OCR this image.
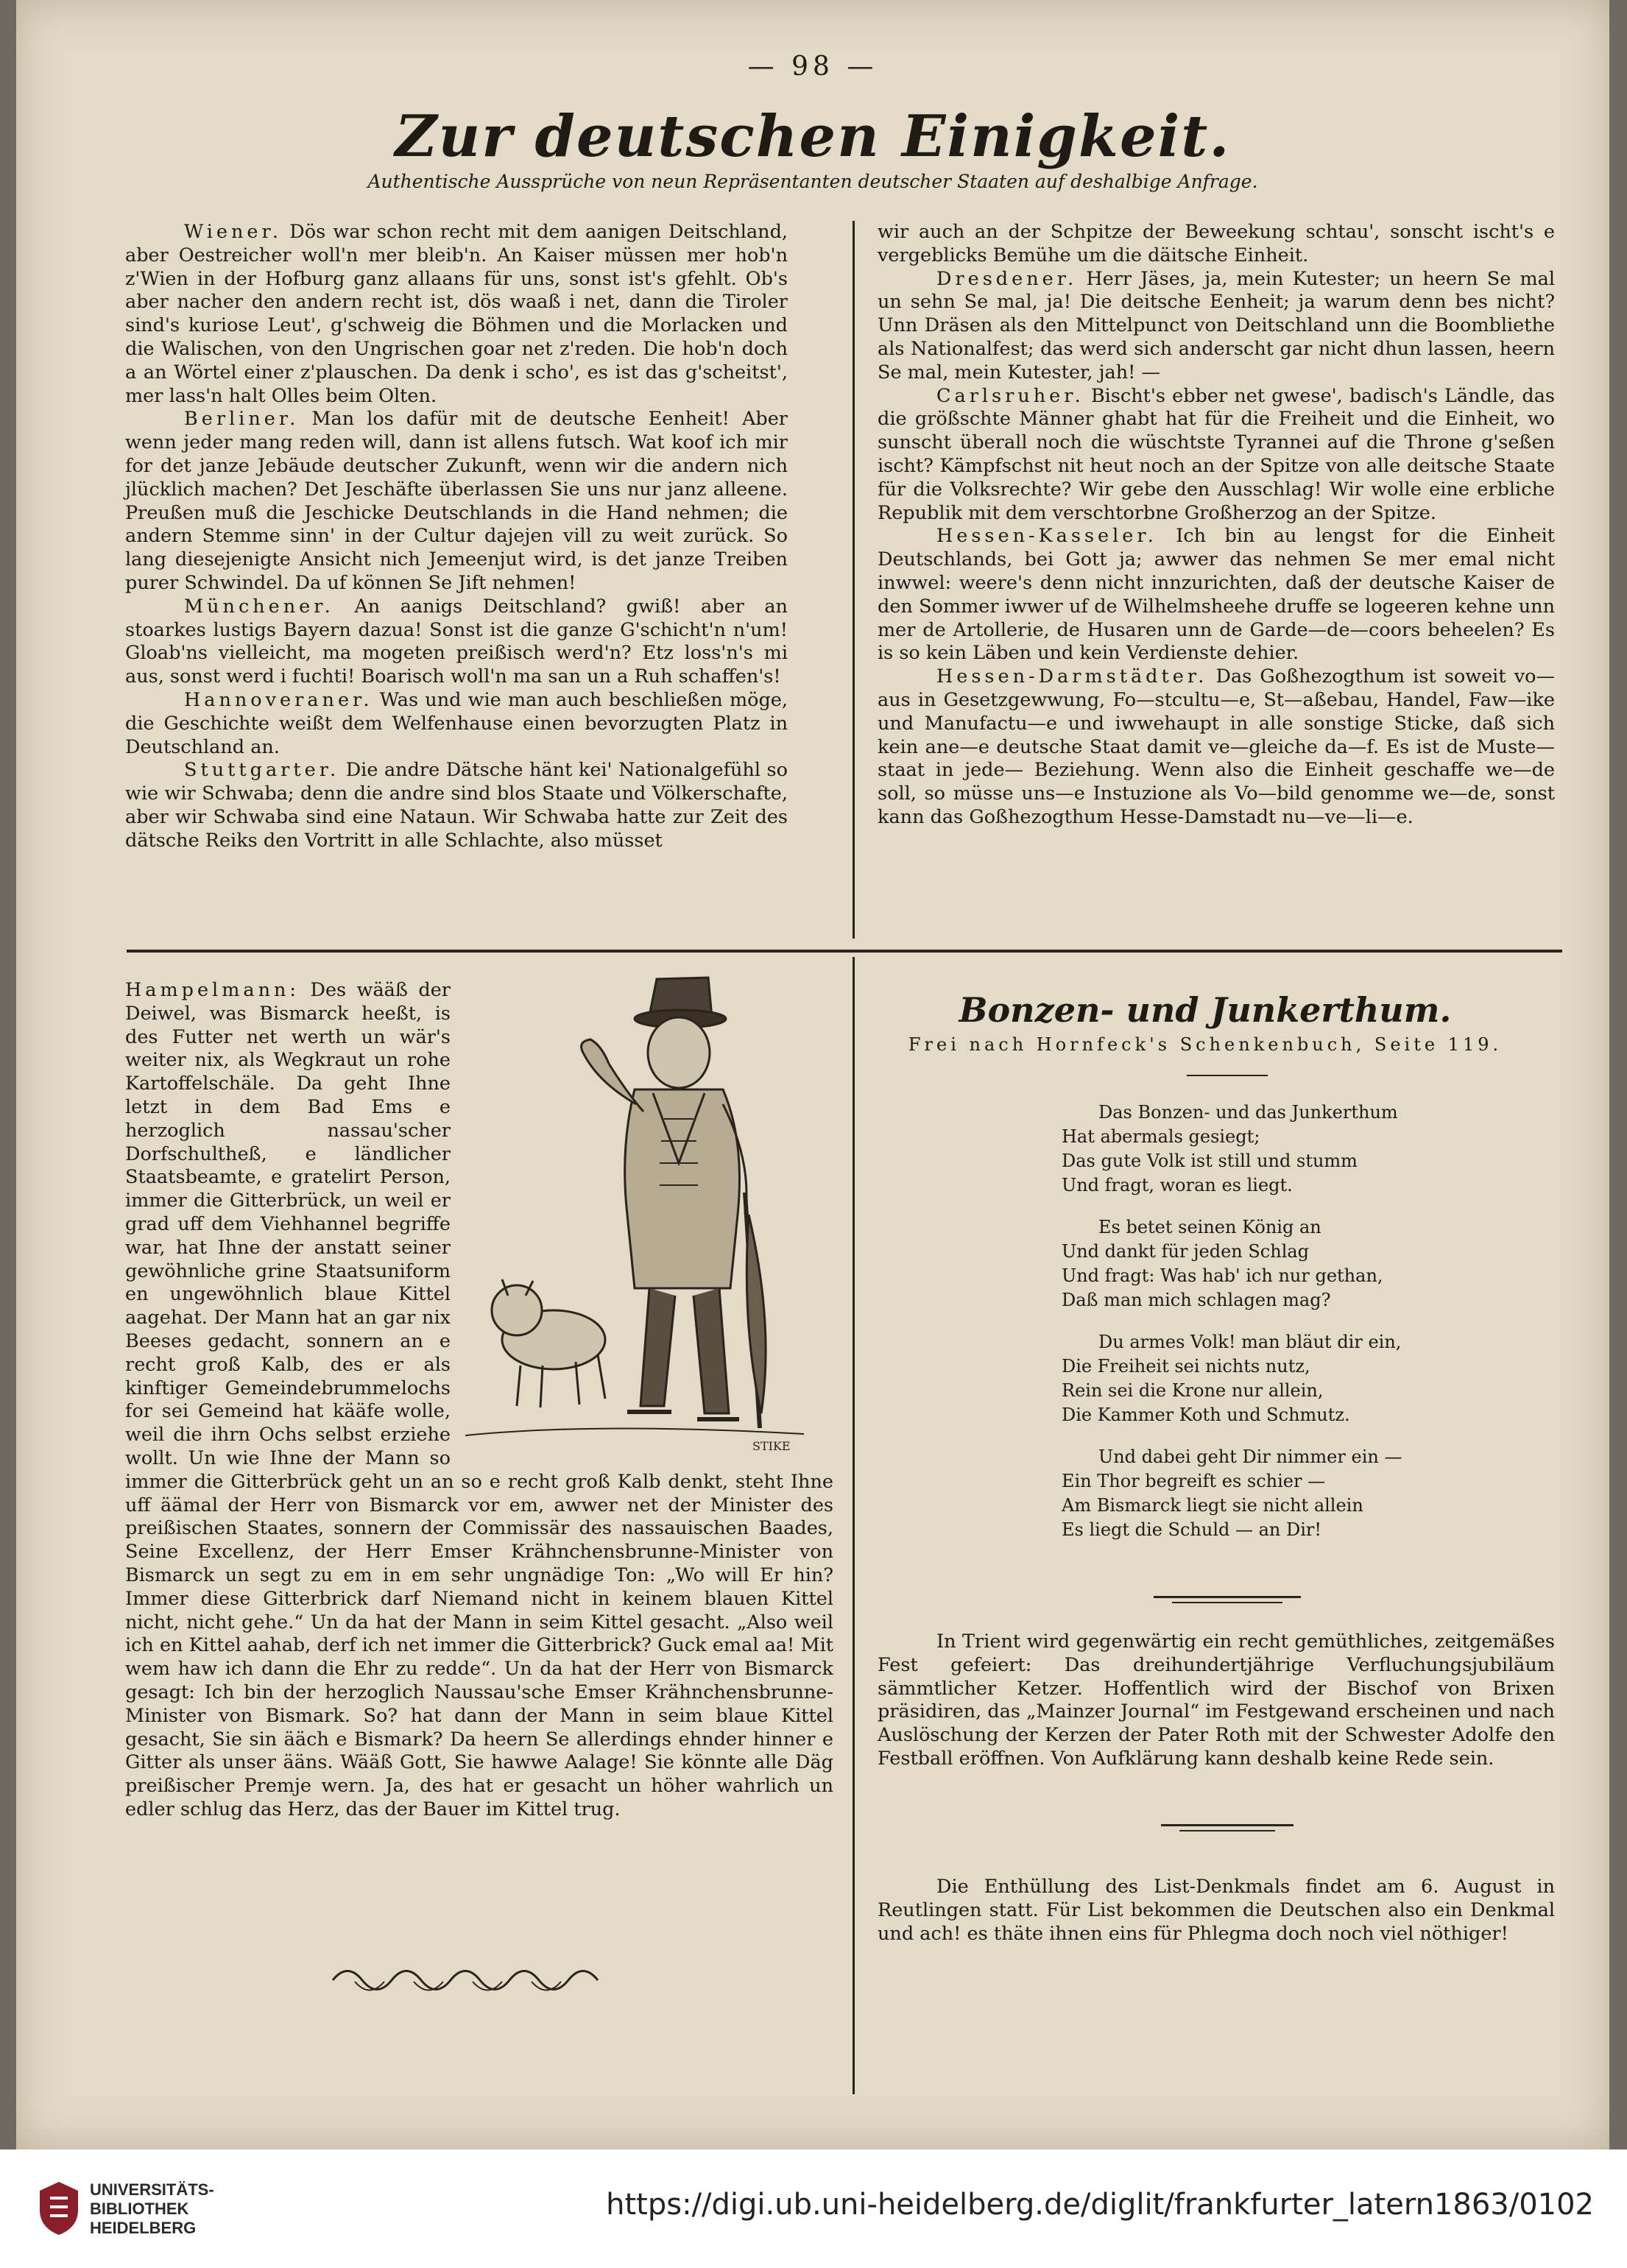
— 98 —
Zur deutschen Einigkeit.
Authentische Aussprüche von neun Repräsentanten deutscher Staaten auf deshalbige Anfrage.

Wiener. Dös war schon recht mit dem aanigen Deitschland, aber Oestreicher woll'n mer bleib'n. An Kaiser müssen mer hob'n z'Wien in der Hofburg ganz allaans für uns, sonst ist's gfehlt. Ob's aber nacher den andern recht ist, dös waaß i net, dann die Tiroler sind's kuriose Leut', g'schweig die Böhmen und die Morlacken und die Walischen, von den Ungrischen goar net z'reden. Die hob'n doch a an Wörtel einer z'plauschen. Da denk i scho', es ist das g'scheitst', mer lass'n halt Olles beim Olten.

Berliner. Man los dafür mit de deutsche Eenheit! Aber wenn jeder mang reden will, dann ist allens futsch. Wat koof ich mir for det janze Jebäude deutscher Zukunft, wenn wir die andern nich jlücklich machen? Det Jeschäfte überlassen Sie uns nur janz alleene. Preußen muß die Jeschicke Deutschlands in die Hand nehmen; die andern Stemme sinn' in der Cultur dajejen vill zu weit zurück. So lang diesejenigte Ansicht nich Jemeenjut wird, is det janze Treiben purer Schwindel. Da uf können Se Jift nehmen!

Münchener. An aanigs Deitschland? gwiß! aber an stoarkes lustigs Bayern dazua! Sonst ist die ganze G'schicht'n n'um! Gloab'ns vielleicht, ma mogeten preißisch werd'n? Etz loss'n's mi aus, sonst werd i fuchti! Boarisch woll'n ma san un a Ruh schaffen's!

Hannoveraner. Was und wie man auch beschließen möge, die Geschichte weißt dem Welfenhause einen bevorzugten Platz in Deutschland an.

Stuttgarter. Die andre Dätsche hänt kei' Nationalgefühl so wie wir Schwaba; denn die andre sind blos Staate und Völkerschafte, aber wir Schwaba sind eine Nataun. Wir Schwaba hatte zur Zeit des dätsche Reiks den Vortritt in alle Schlachte, also müsset

wir auch an der Schpitze der Beweekung schtau', sonscht ischt's e vergeblicks Bemühe um die däitsche Einheit.

Dresdener. Herr Jäses, ja, mein Kutester; un heern Se mal un sehn Se mal, ja! Die deitsche Eenheit; ja warum denn bes nicht? Unn Dräsen als den Mittelpunct von Deitschland unn die Boombliethe als Nationalfest; das werd sich anderscht gar nicht dhun lassen, heern Se mal, mein Kutester, jah! —

Carlsruher. Bischt's ebber net gwese', badisch's Ländle, das die größschte Männer ghabt hat für die Freiheit und die Einheit, wo sunscht überall noch die wüschtste Tyrannei auf die Throne g'seßen ischt? Kämpfschst nit heut noch an der Spitze von alle deitsche Staate für die Volksrechte? Wir gebe den Ausschlag! Wir wolle eine erbliche Republik mit dem verschtorbne Großherzog an der Spitze.

Hessen-Kasseler. Ich bin au lengst for die Einheit Deutschlands, bei Gott ja; awwer das nehmen Se mer emal nicht inwwel: weere's denn nicht innzurichten, daß der deutsche Kaiser de den Sommer iwwer uf de Wilhelmsheehe druffe se logeeren kehne unn mer de Artollerie, de Husaren unn de Garde—de—coors beheelen? Es is so kein Läben und kein Verdienste dehier.

Hessen-Darmstädter. Das Goßhezogthum ist soweit vo—aus in Gesetzgewwung, Fo—stcultu—e, St—aßebau, Handel, Faw—ike und Manufactu—e und iwwehaupt in alle sonstige Sticke, daß sich kein ane—e deutsche Staat damit ve—gleiche da—f. Es ist de Muste—staat in jede— Beziehung. Wenn also die Einheit geschaffe we—de soll, so müsse uns—e Instuzione als Vo—bild genomme we—de, sonst kann das Goßhezogthum Hesse-Damstadt nu—ve—li—e.

STIKE

Hampelmann: Des wääß der Deiwel, was Bismarck heeßt, is des Futter net werth un wär's weiter nix, als Wegkraut un rohe Kartoffelschäle. Da geht Ihne letzt in dem Bad Ems e herzoglich nassau'scher Dorfschultheß, e ländlicher Staatsbeamte, e gratelirt Person, immer die Gitterbrück, un weil er grad uff dem Viehhannel begriffe war, hat Ihne der anstatt seiner gewöhnliche grine Staatsuniform en ungewöhnlich blaue Kittel aagehat. Der Mann hat an gar nix Beeses gedacht, sonnern an e recht groß Kalb, des er als kinftiger Gemeindebrummelochs for sei Gemeind hat kääfe wolle, weil die ihrn Ochs selbst erziehe wollt. Un wie Ihne der Mann so immer die Gitterbrück geht un an so e recht groß Kalb denkt, steht Ihne uff äämal der Herr von Bismarck vor em, awwer net der Minister des preißischen Staates, sonnern der Commissär des nassauischen Baades, Seine Excellenz, der Herr Emser Krähnchensbrunne-Minister von Bismarck un segt zu em in em sehr ungnädige Ton: „Wo will Er hin? Immer diese Gitterbrick darf Niemand nicht in keinem blauen Kittel nicht, nicht gehe.“ Un da hat der Mann in seim Kittel gesacht. „Also weil ich en Kittel aahab, derf ich net immer die Gitterbrick? Guck emal aa! Mit wem haw ich dann die Ehr zu redde“. Un da hat der Herr von Bismarck gesagt: Ich bin der herzoglich Naussau'sche Emser Krähnchensbrunne-Minister von Bismark. So? hat dann der Mann in seim blaue Kittel gesacht, Sie sin ääch e Bismark? Da heern Se allerdings ehnder hinner e Gitter als unser ääns. Wääß Gott, Sie hawwe Aalage! Sie könnte alle Däg preißischer Premje wern. Ja, des hat er gesacht un höher wahrlich un edler schlug das Herz, das der Bauer im Kittel trug.

Bonzen- und Junkerthum.
Frei nach Hornfeck's Schenkenbuch, Seite 119.
Das Bonzen- und das Junkerthum
Hat abermals gesiegt;
Das gute Volk ist still und stumm
Und fragt, woran es liegt.
Es betet seinen König an
Und dankt für jeden Schlag
Und fragt: Was hab' ich nur gethan,
Daß man mich schlagen mag?
Du armes Volk! man bläut dir ein,
Die Freiheit sei nichts nutz,
Rein sei die Krone nur allein,
Die Kammer Koth und Schmutz.
Und dabei geht Dir nimmer ein —
Ein Thor begreift es schier —
Am Bismarck liegt sie nicht allein
Es liegt die Schuld — an Dir!

In Trient wird gegenwärtig ein recht gemüthliches, zeitgemäßes Fest gefeiert: Das dreihundertjährige Verfluchungsjubiläum sämmtlicher Ketzer. Hoffentlich wird der Bischof von Brixen präsidiren, das „Mainzer Journal“ im Festgewand erscheinen und nach Auslöschung der Kerzen der Pater Roth mit der Schwester Adolfe den Festball eröffnen. Von Aufklärung kann deshalb keine Rede sein.

Die Enthüllung des List-Denkmals findet am 6. August in Reutlingen statt. Für List bekommen die Deutschen also ein Denkmal und ach! es thäte ihnen eins für Phlegma doch noch viel nöthiger!

UNIVERSITÄTS-
BIBLIOTHEK
HEIDELBERG
https://digi.ub.uni-heidelberg.de/diglit/frankfurter_latern1863/0102
